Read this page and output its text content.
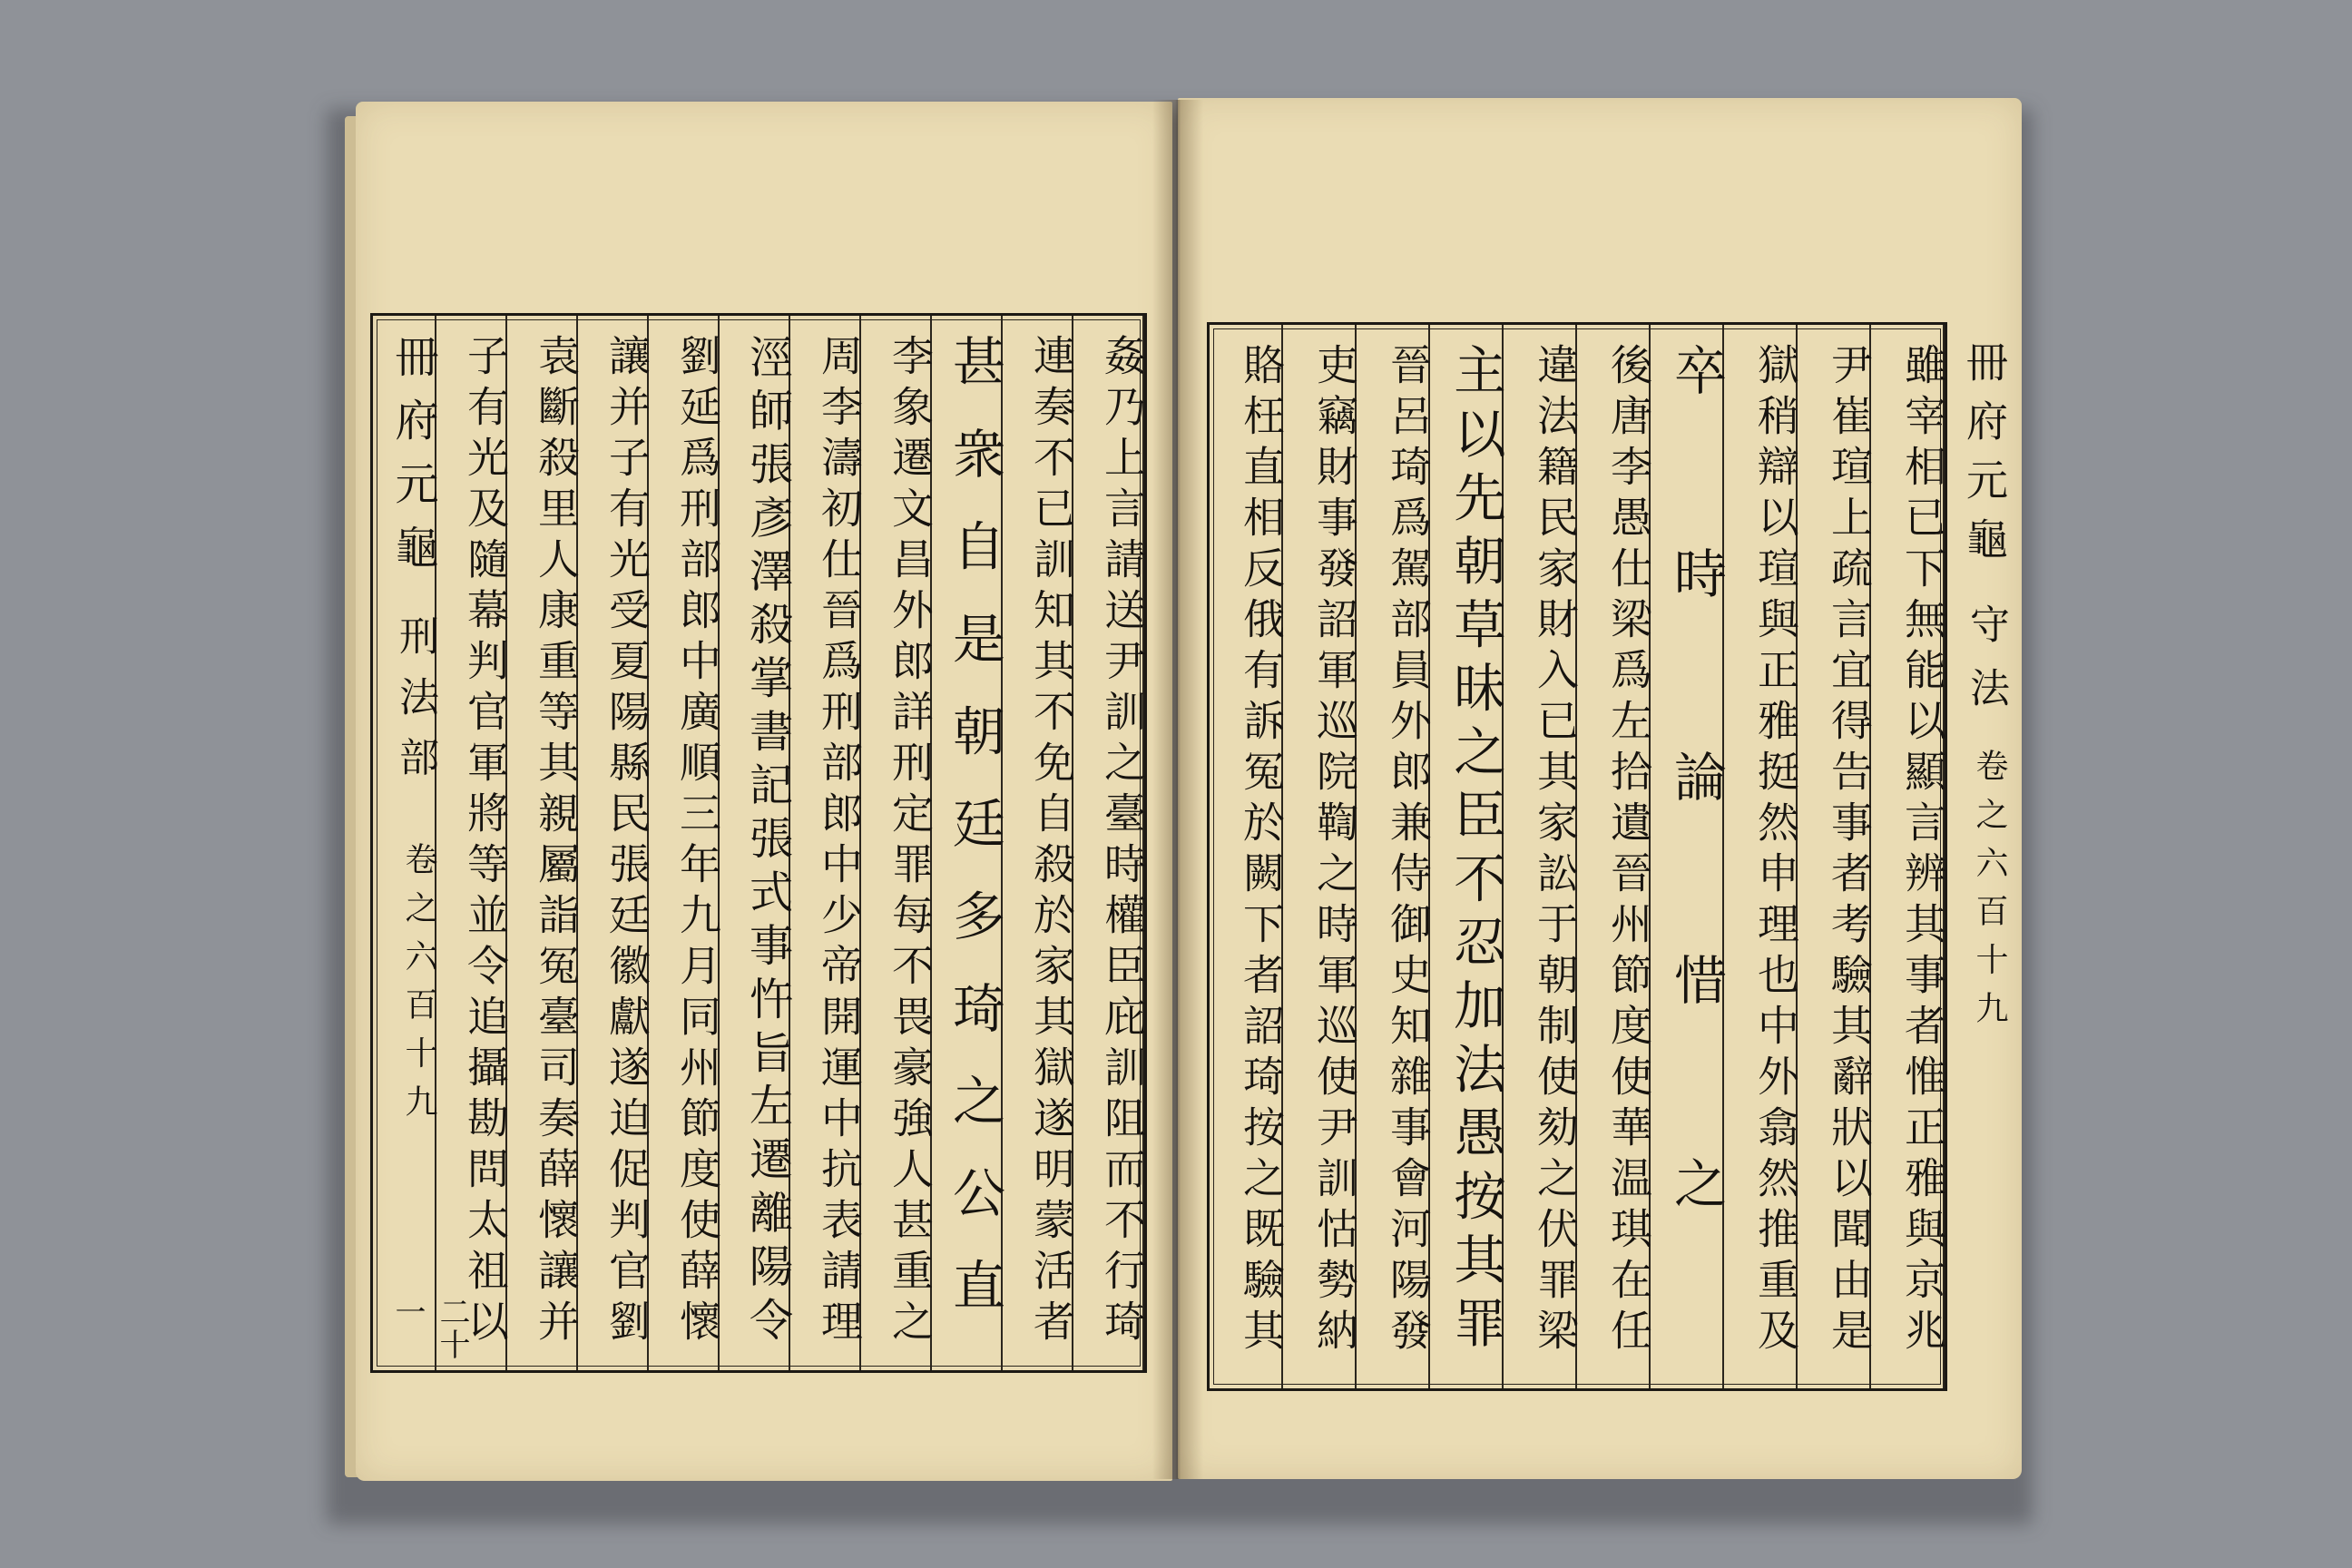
冊府元龜
刑法部
卷之六百十九
二十一	姦乃上言請送尹訓之臺時權臣庇訓阻而不行琦
連奏不已訓知其不免自殺於家其獄遂明蒙活者
甚衆自是朝廷多琦之公直
李象遷文昌外郎詳刑定罪每不畏豪強人甚重之
周李濤初仕晉爲刑部郎中少帝開運中抗表請理
涇師張彥澤殺掌書記張式事忤旨左遷離陽令
劉延爲刑部郎中廣順三年九月同州節度使薛懷
讓并子有光受夏陽縣民張廷徽獻遂迫促判官劉
袁斷殺里人康重等其親屬詣冤臺司奏薛懷讓并
子有光及隨幕判官軍將等並令追攝勘問太祖以	雖宰相已下無能以顯言辨其事者惟正雅與京兆
尹崔瑄上疏言宜得告事者考驗其辭狀以聞由是
獄稍辯以瑄與正雅挺然申理也中外翕然推重及
卒時論惜之
後唐李愚仕梁爲左拾遺晉州節度使華温琪在任
違法籍民家財入已其家訟于朝制使劾之伏罪梁
主以先朝草昧之臣不忍加法愚按其罪
晉呂琦爲駕部員外郎兼侍御史知雜事會河陽發
吏竊財事發詔軍巡院鞫之時軍巡使尹訓怙勢納
賂枉直相反俄有訴冤於闕下者詔琦按之既驗其	冊府元龜
守法
卷之六百十九
